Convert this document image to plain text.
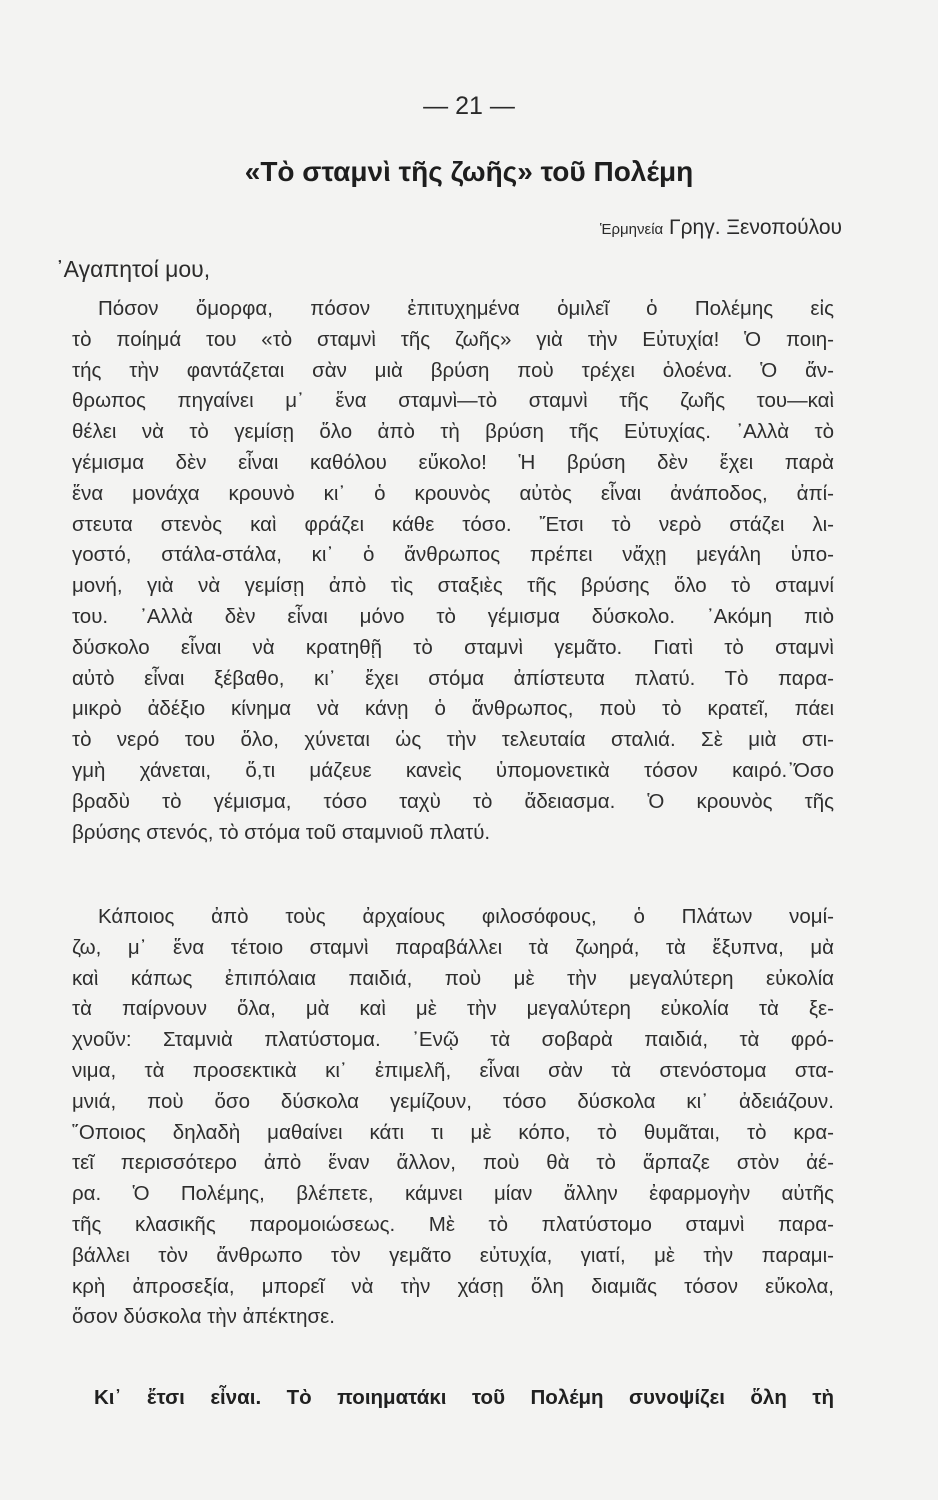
— 21 —
«Τὸ σταμνὶ τῆς ζωῆς» τοῦ Πολέμη
Ἑρμηνεία Γρηγ. Ξενοπούλου
᾿Αγαπητοί μου,
Πόσον ὄμορφα, πόσον ἐπιτυχημένα ὁμιλεῖ ὁ Πολέμης εἰς
τὸ ποίημά του «τὸ σταμνὶ τῆς ζωῆς» γιὰ τὴν Εὐτυχία! Ὁ ποιη-
τής τὴν φαντάζεται σὰν μιὰ βρύση ποὺ τρέχει ὁλοένα. Ὁ ἄν-
θρωπος πηγαίνει μ᾿ ἕνα σταμνὶ—τὸ σταμνὶ τῆς ζωῆς του—καὶ
θέλει νὰ τὸ γεμίσῃ ὅλο ἀπὸ τὴ βρύση τῆς Εὐτυχίας. ᾿Αλλὰ τὸ
γέμισμα δὲν εἶναι καθόλου εὔκολο! Ἡ βρύση δὲν ἔχει παρὰ
ἕνα μονάχα κρουνὸ κι᾿ ὁ κρουνὸς αὐτὸς εἶναι ἀνάποδος, ἀπί-
στευτα στενὸς καὶ φράζει κάθε τόσο. Ἔτσι τὸ νερὸ στάζει λι-
γοστό, στάλα-στάλα, κι᾿ ὁ ἄνθρωπος πρέπει νἄχῃ μεγάλη ὑπο-
μονή, γιὰ νὰ γεμίσῃ ἀπὸ τὶς σταξιὲς τῆς βρύσης ὅλο τὸ σταμνί
του. ᾿Αλλὰ δὲν εἶναι μόνο τὸ γέμισμα δύσκολο. ᾿Ακόμη πιὸ
δύσκολο εἶναι νὰ κρατηθῇ τὸ σταμνὶ γεμᾶτο. Γιατὶ τὸ σταμνὶ
αὐτὸ εἶναι ξέβαθο, κι᾿ ἔχει στόμα ἀπίστευτα πλατύ. Τὸ παρα-
μικρὸ ἀδέξιο κίνημα νὰ κάνῃ ὁ ἄνθρωπος, πoὺ τὸ κρατεῖ, πάει
τὸ νερό του ὅλο, χύνεται ὡς τὴν τελευταία σταλιά. Σὲ μιὰ στι-
γμὴ χάνεται, ὅ,τι μάζευε κανεὶς ὑπομονετικὰ τόσον καιρό.᾿Όσο
βραδὺ τὸ γέμισμα, τόσο ταχὺ τὸ ἄδειασμα. Ὁ κρουνὸς τῆς
βρύσης στενός, τὸ στόμα τοῦ σταμνιοῦ πλατύ.
Κάποιος ἀπὸ τοὺς ἀρχαίους φιλοσόφους, ὁ Πλάτων νομί-
ζω, μ᾿ ἕνα τέτοιο σταμνὶ παραβάλλει τὰ ζωηρά, τὰ ἔξυπνα, μὰ
καὶ κάπως ἐπιπόλαια παιδιά, ποὺ μὲ τὴν μεγαλύτερη εὐκολία
τὰ παίρνουν ὅλα, μὰ καὶ μὲ τὴν μεγαλύτερη εὐκολία τὰ ξε-
χνοῦν: Σταμνιὰ πλατύστομα. ᾿Ενῷ τὰ σοβαρὰ παιδιά, τὰ φρό-
νιμα, τὰ προσεκτικὰ κι᾿ ἐπιμελῆ, εἶναι σὰν τὰ στενόστομα στα-
μνιά, ποὺ ὅσο δύσκολα γεμίζουν, τόσο δύσκολα κι᾿ ἀδειάζουν.
῞Οποιος δηλαδὴ μαθαίνει κάτι τι μὲ κόπο, τὸ θυμᾶται, τὸ κρα-
τεῖ περισσότερο ἀπὸ ἕναν ἄλλον, ποὺ θὰ τὸ ἅρπαζε στὸν ἀέ-
ρα. Ὁ Πολέμης, βλέπετε, κάμνει μίαν ἄλλην ἐφαρμογὴν αὐτῆς
τῆς κλασικῆς παρομοιώσεως. Μὲ τὸ πλατύστομο σταμνὶ παρα-
βάλλει τὸν ἄνθρωπο τὸν γεμᾶτο εὐτυχία, γιατί, μὲ τὴν παραμι-
κρὴ ἀπροσεξία, μπορεῖ νὰ τὴν χάσῃ ὅλη διαμιᾶς τόσον εὔκολα,
ὅσον δύσκολα τὴν ἀπέκτησε.
Κι᾿ ἔτσι εἶναι. Τὸ ποιηματάκι τοῦ Πολέμη συνοψίζει ὅλη τὴ
